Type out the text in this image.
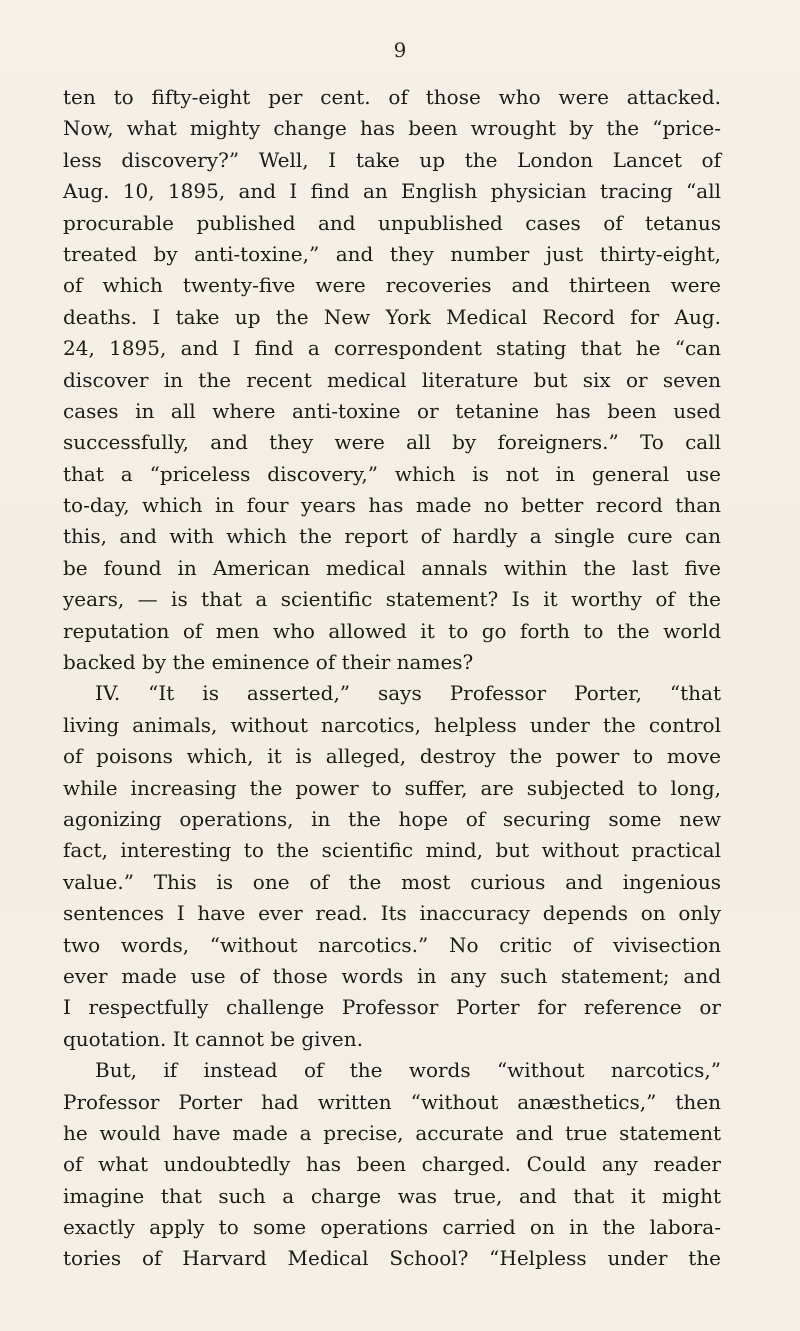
9
ten to fifty-eight per cent. of those who were attacked.
Now, what mighty change has been wrought by the “price-
less discovery?” Well, I take up the London Lancet of
Aug. 10, 1895, and I find an English physician tracing “all
procurable published and unpublished cases of tetanus
treated by anti-toxine,” and they number just thirty-eight,
of which twenty-five were recoveries and thirteen were
deaths. I take up the New York Medical Record for Aug.
24, 1895, and I find a correspondent stating that he “can
discover in the recent medical literature but six or seven
cases in all where anti-toxine or tetanine has been used
successfully, and they were all by foreigners.” To call
that a “priceless discovery,” which is not in general use
to-day, which in four years has made no better record than
this, and with which the report of hardly a single cure can
be found in American medical annals within the last five
years, — is that a scientific statement? Is it worthy of the
reputation of men who allowed it to go forth to the world
backed by the eminence of their names?
IV. “It is asserted,” says Professor Porter, “that
living animals, without narcotics, helpless under the control
of poisons which, it is alleged, destroy the power to move
while increasing the power to suffer, are subjected to long,
agonizing operations, in the hope of securing some new
fact, interesting to the scientific mind, but without practical
value.” This is one of the most curious and ingenious
sentences I have ever read. Its inaccuracy depends on only
two words, “without narcotics.” No critic of vivisection
ever made use of those words in any such statement; and
I respectfully challenge Professor Porter for reference or
quotation. It cannot be given.
But, if instead of the words “without narcotics,”
Professor Porter had written “without anæsthetics,” then
he would have made a precise, accurate and true statement
of what undoubtedly has been charged. Could any reader
imagine that such a charge was true, and that it might
exactly apply to some operations carried on in the labora-
tories of Harvard Medical School? “Helpless under the
